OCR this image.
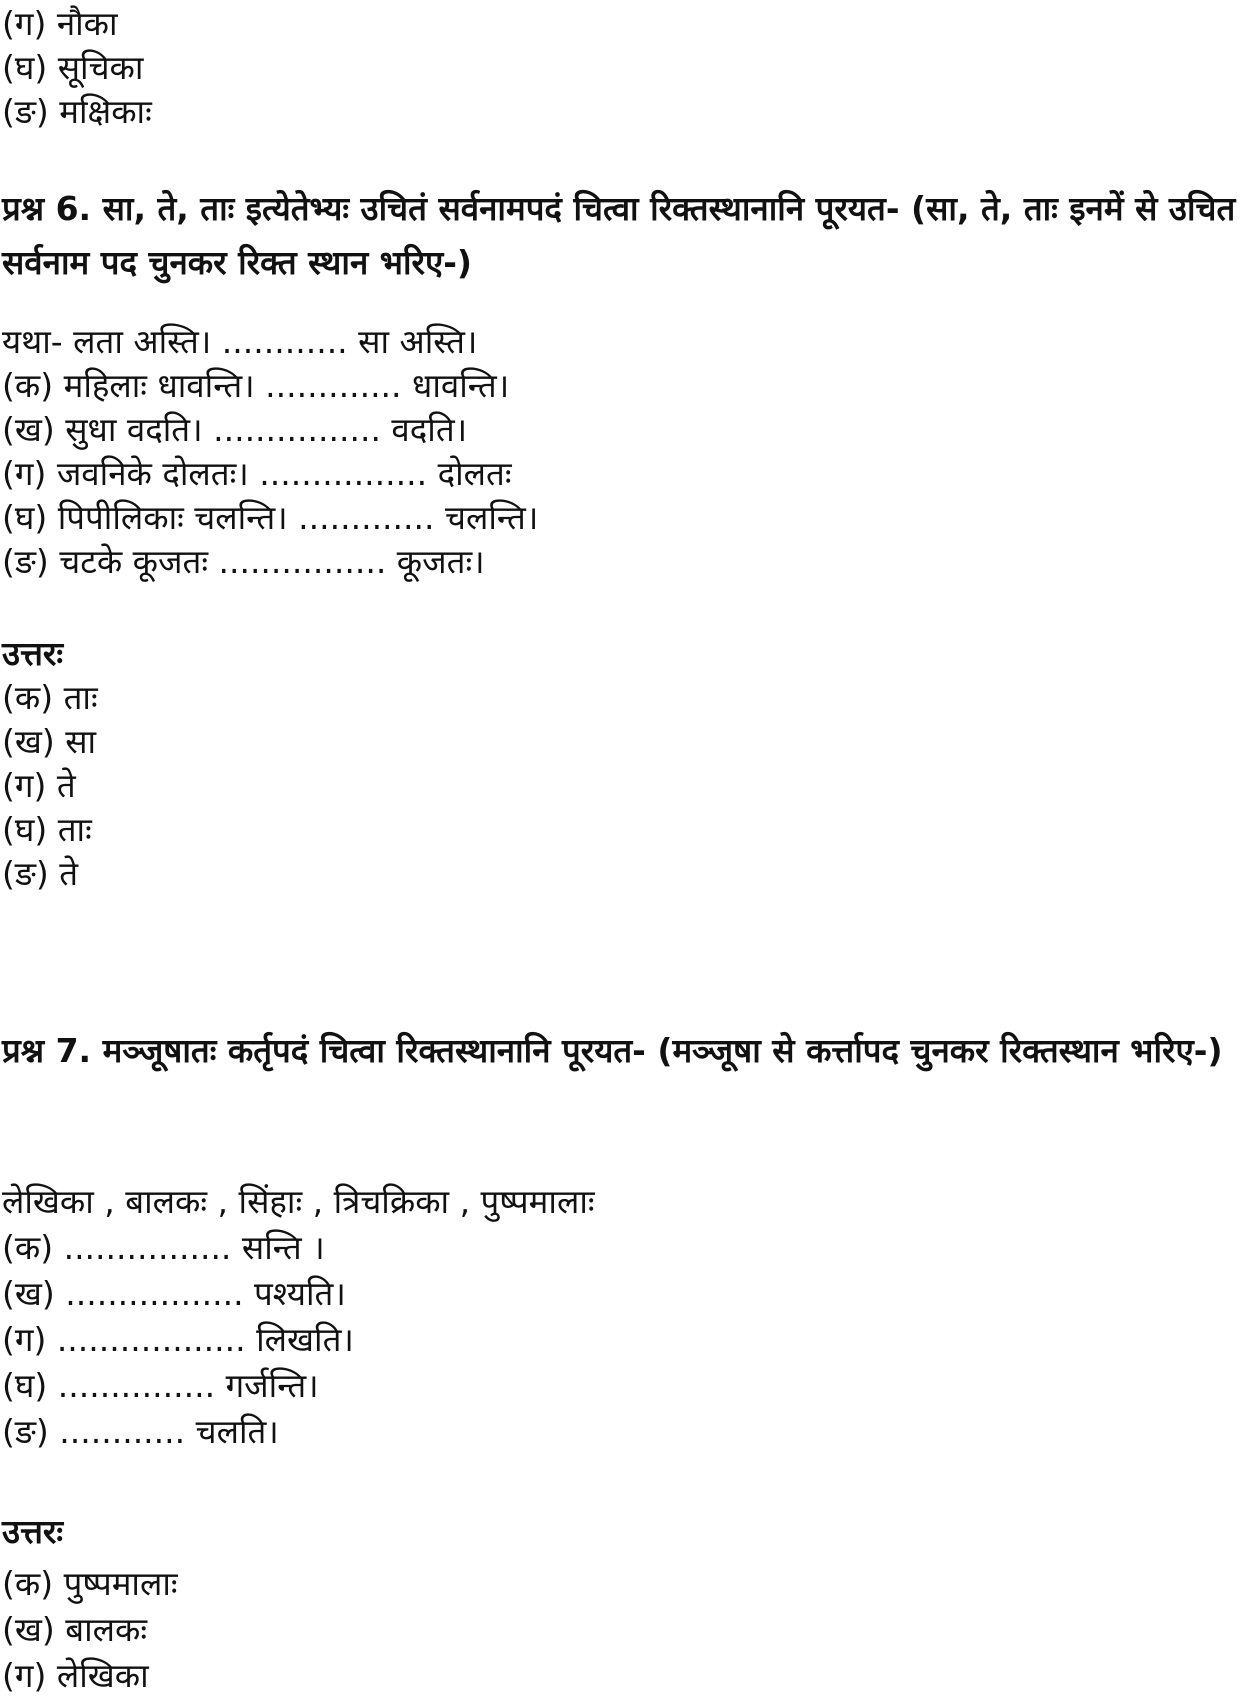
(ग) नौका
(घ) सूचिका
(ङ) मक्षिकाः
प्रश्न 6. सा, ते, ताः इत्येतेभ्यः उचितं सर्वनामपदं चित्वा रिक्तस्थानानि पूरयत- (सा, ते, ताः इनमें से उचित सर्वनाम पद चुनकर रिक्त स्थान भरिए-)
यथा- लता अस्ति। ............ सा अस्ति।
(क) महिलाः धावन्ति। ............. धावन्ति।
(ख) सुधा वदति। ................ वदति।
(ग) जवनिके दोलतः। ................ दोलतः
(घ) पिपीलिकाः चलन्ति। ............. चलन्ति।
(ङ) चटके कूजतः ................ कूजतः।
उत्तरः
(क) ताः
(ख) सा
(ग) ते
(घ) ताः
(ङ) ते
प्रश्न 7. मञ्जूषातः कर्तृपदं चित्वा रिक्तस्थानानि पूरयत- (मञ्जूषा से कर्त्तापद चुनकर रिक्तस्थान भरिए-)
लेखिका , बालकः , सिंहाः , त्रिचक्रिका , पुष्पमालाः
(क) ................ सन्ति ।
(ख) ................. पश्यति।
(ग) .................. लिखति।
(घ) ............... गर्जन्ति।
(ङ) ............ चलति।
उत्तरः
(क) पुष्पमालाः
(ख) बालकः
(ग) लेखिका
